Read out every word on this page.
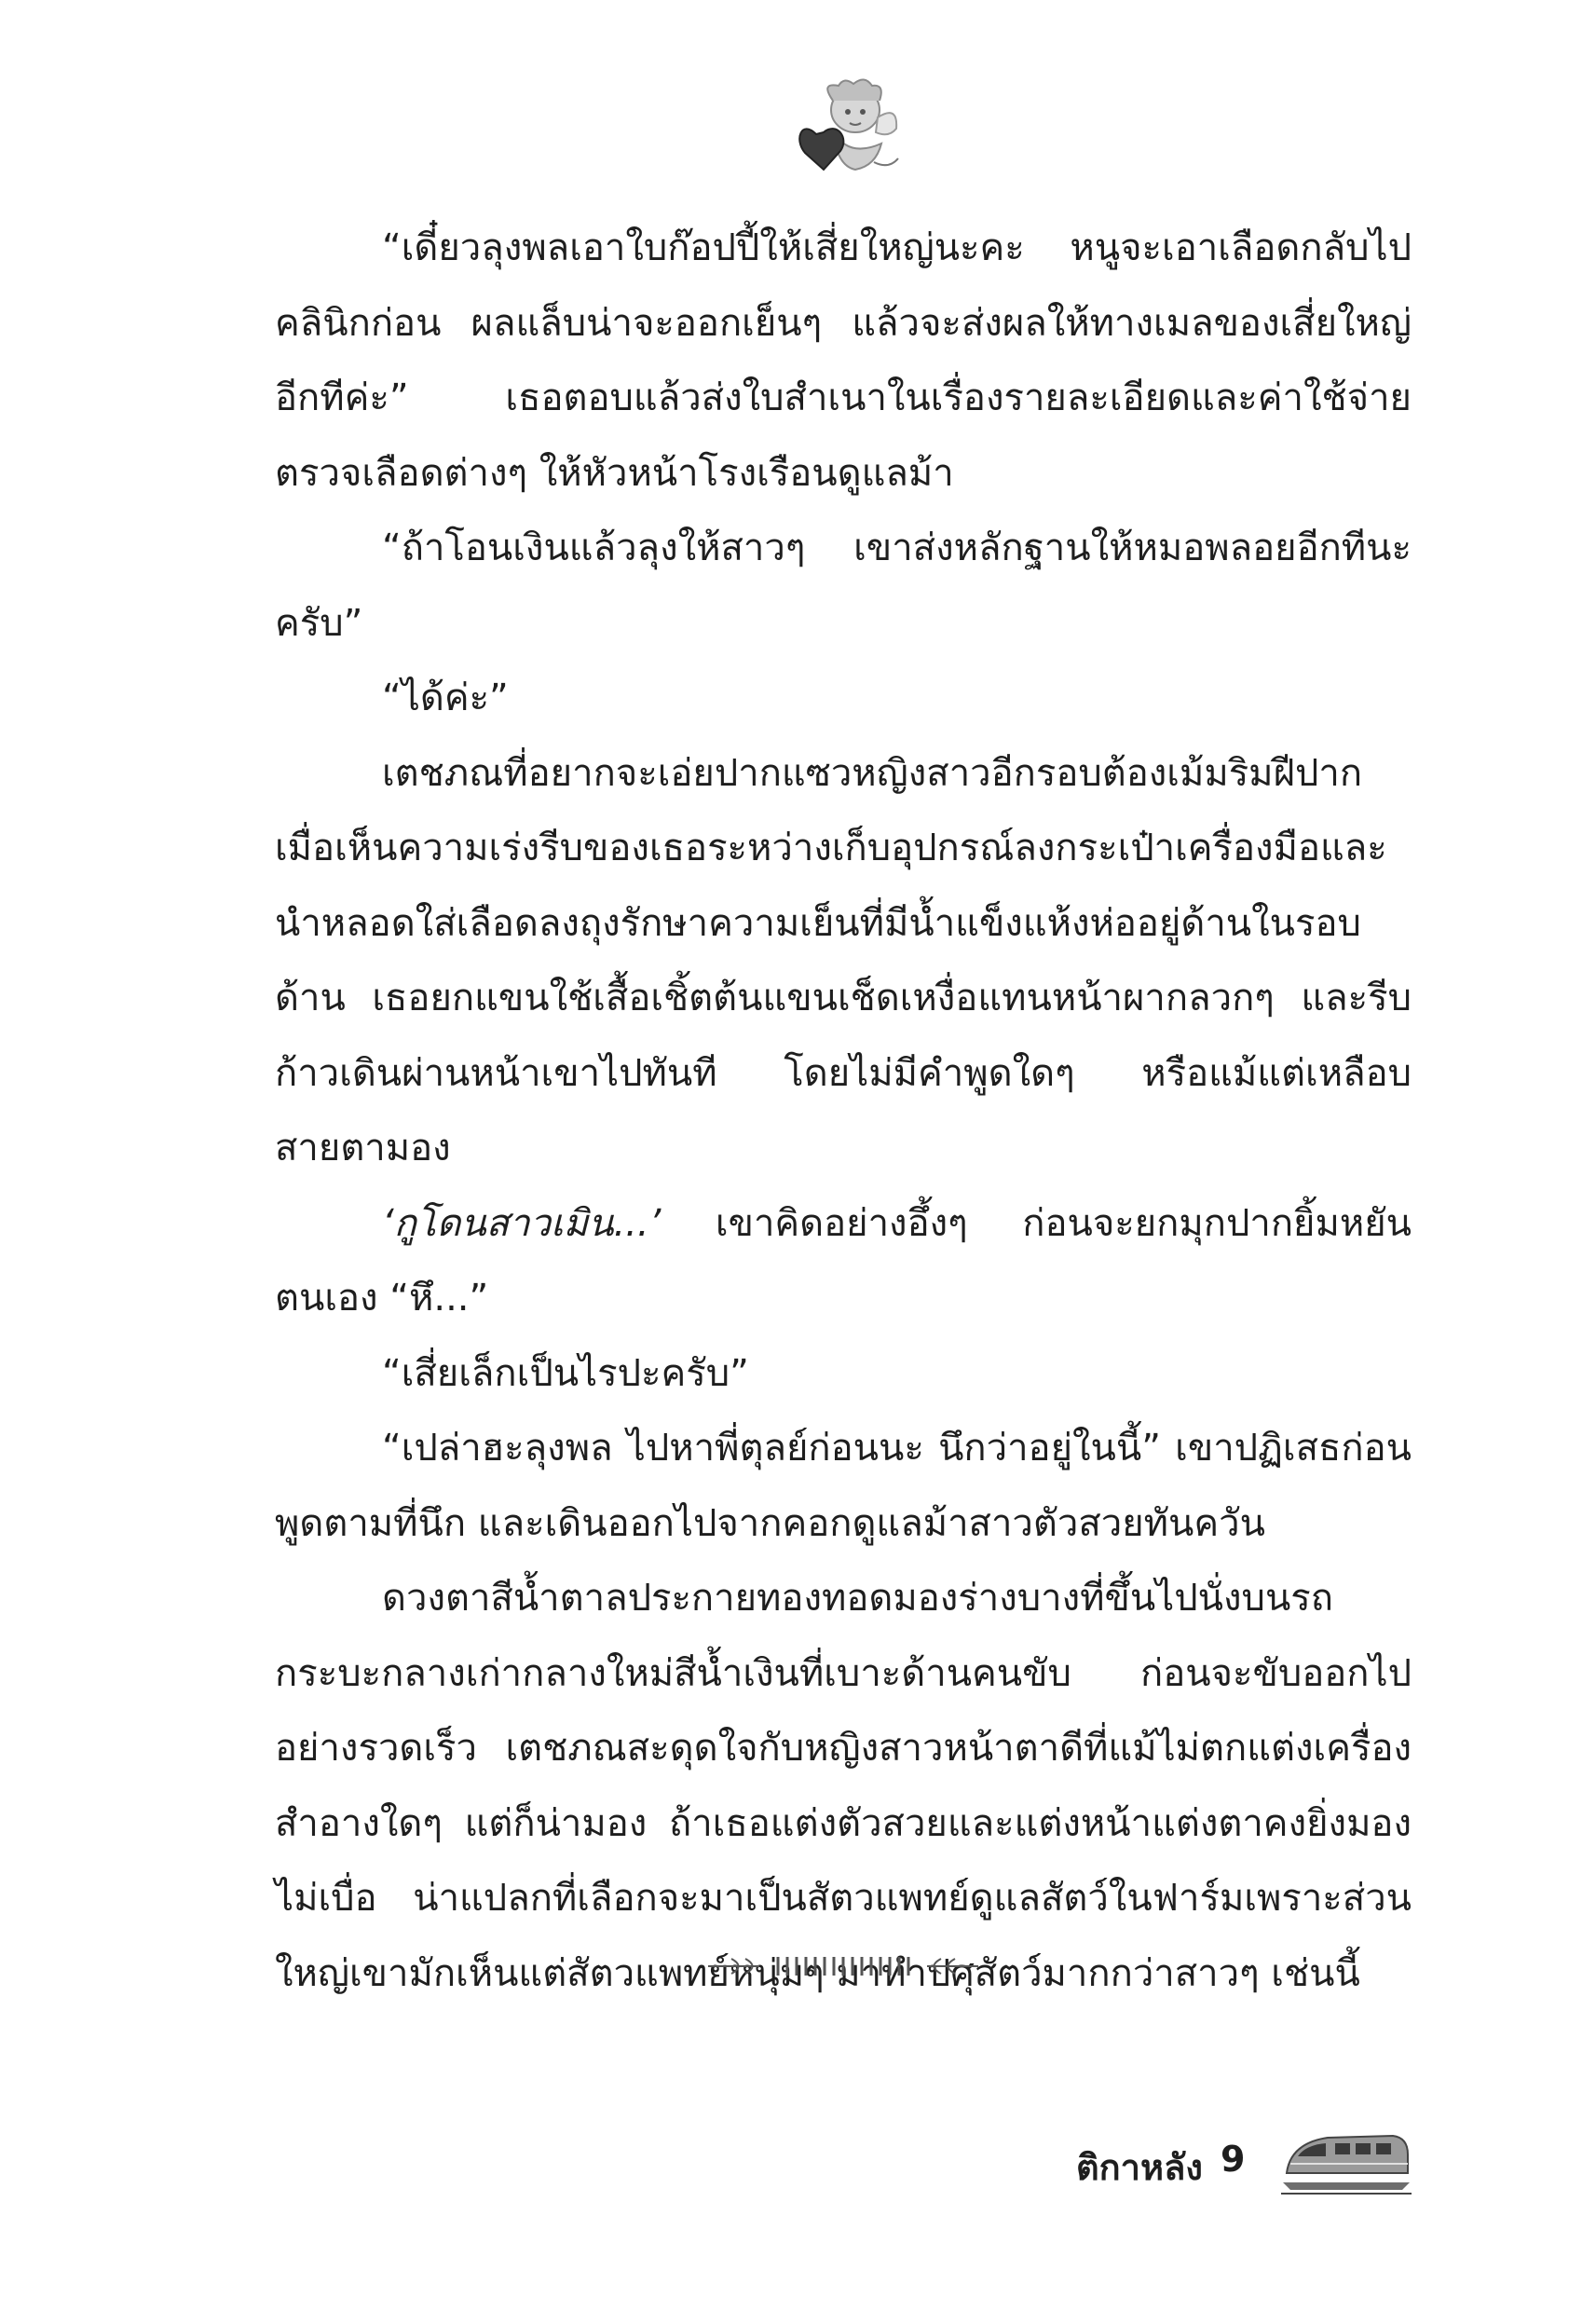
“เดี๋ยวลุงพลเอาใบก๊อปปี้ให้เสี่ยใหญ่นะคะ หนูจะเอาเลือดกลับไปคลินิกก่อน ผลแล็บน่าจะออกเย็นๆ แล้วจะส่งผลให้ทางเมลของเสี่ยใหญ่อีกทีค่ะ” เธอตอบแล้วส่งใบสำเนาในเรื่องรายละเอียดและค่าใช้จ่ายตรวจเลือดต่างๆ ให้หัวหน้าโรงเรือนดูแลม้า

“ถ้าโอนเงินแล้วลุงให้สาวๆ เขาส่งหลักฐานให้หมอพลอยอีกทีนะครับ”

“ได้ค่ะ”

เตชภณที่อยากจะเอ่ยปากแซวหญิงสาวอีกรอบต้องเม้มริมฝีปากเมื่อเห็นความเร่งรีบของเธอระหว่างเก็บอุปกรณ์ลงกระเป๋าเครื่องมือและนำหลอดใส่เลือดลงถุงรักษาความเย็นที่มีน้ำแข็งแห้งห่ออยู่ด้านในรอบด้าน เธอยกแขนใช้เสื้อเชิ้ตต้นแขนเช็ดเหงื่อแทนหน้าผากลวกๆ และรีบก้าวเดินผ่านหน้าเขาไปทันที โดยไม่มีคำพูดใดๆ หรือแม้แต่เหลือบสายตามอง

‘กูโดนสาวเมิน...’ เขาคิดอย่างอึ้งๆ ก่อนจะยกมุกปากยิ้มหยันตนเอง “หึ...”

“เสี่ยเล็กเป็นไรปะครับ”

“เปล่าฮะลุงพล ไปหาพี่ตุลย์ก่อนนะ นึกว่าอยู่ในนี้” เขาปฏิเสธก่อนพูดตามที่นึก และเดินออกไปจากคอกดูแลม้าสาวตัวสวยทันควัน

ดวงตาสีน้ำตาลประกายทองทอดมองร่างบางที่ขึ้นไปนั่งบนรถกระบะกลางเก่ากลางใหม่สีน้ำเงินที่เบาะด้านคนขับ ก่อนจะขับออกไปอย่างรวดเร็ว เตชภณสะดุดใจกับหญิงสาวหน้าตาดีที่แม้ไม่ตกแต่งเครื่องสำอางใดๆ แต่ก็น่ามอง ถ้าเธอแต่งตัวสวยและแต่งหน้าแต่งตาคงยิ่งมองไม่เบื่อ น่าแปลกที่เลือกจะมาเป็นสัตวแพทย์ดูแลสัตว์ในฟาร์มเพราะส่วนใหญ่เขามักเห็นแต่สัตวแพทย์หนุ่มๆ มาทำปศุสัตว์มากกว่าสาวๆ เช่นนี้

ติกาหลัง 9
